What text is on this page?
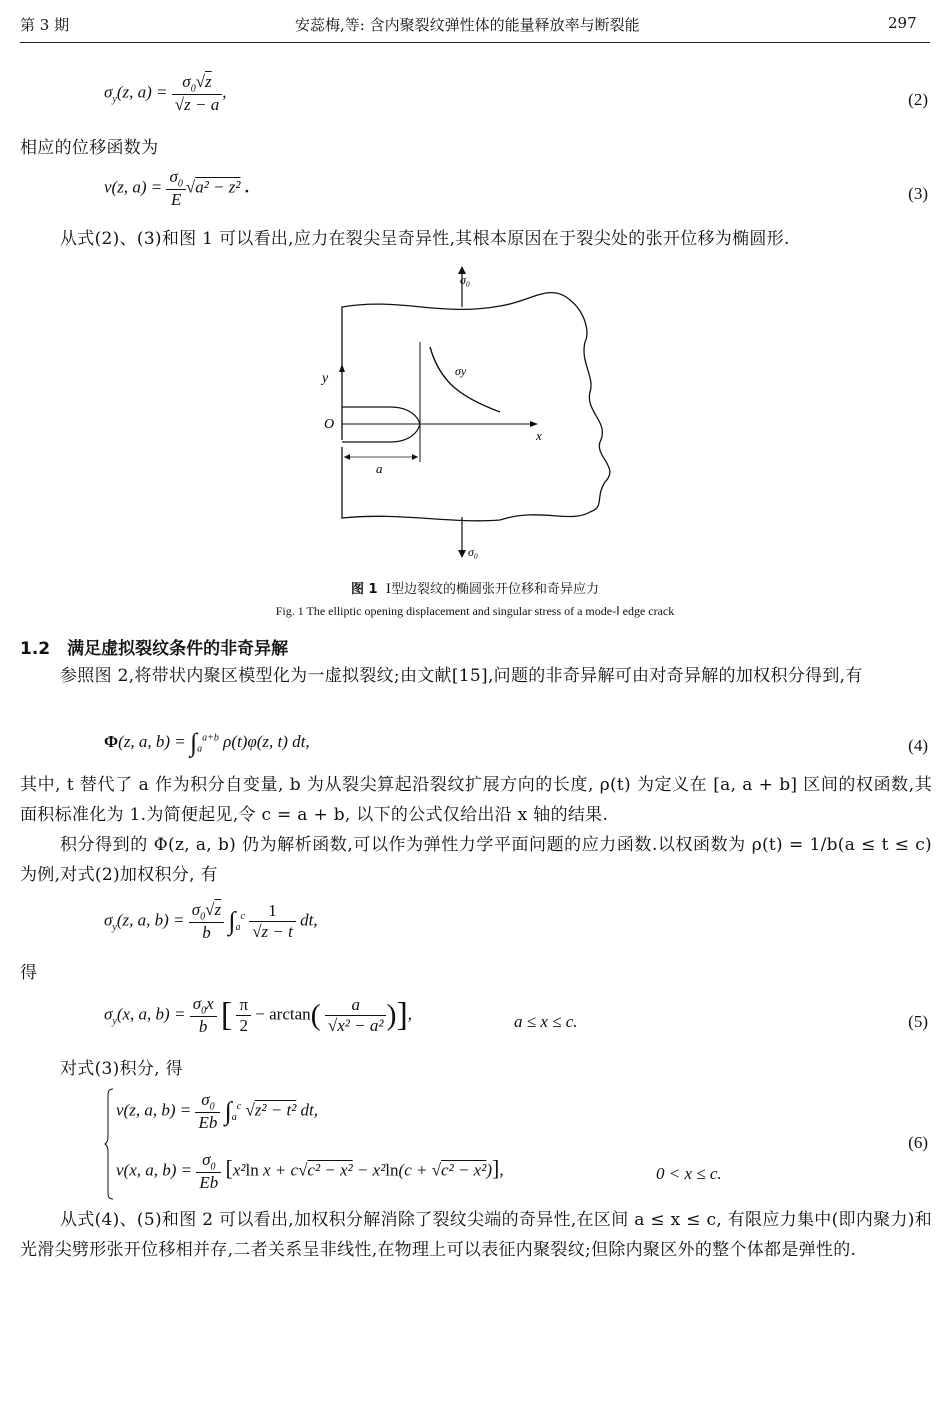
第 3 期	安蕊梅,等: 含内聚裂纹弹性体的能量释放率与断裂能	297
$\sigma_y(z$, $a) = \frac{\sigma_0√z}{√z - a}$ ,	(2)
相应的位移函数为
v(z, $a) = \frac{\sigma_0}{E} √a^2 - z^2$ .	(3)
从式(2)、(3)和图 1 可以看出,应力在裂尖呈奇异性,其根本原因在于裂尖处的张开位移为椭圆形.
σ₀
σ₀
σy
y
x
O
a
图 1 Ⅰ型边裂纹的椭圆张开位移和奇异应力
Fig. 1 The elliptic opening displacement and singular stress of a mode-Ⅰ edge crack
1.2　满足虚拟裂纹条件的非奇异解
参照图 2,将带状内聚区模型化为一虚拟裂纹;由文献[15],问题的非奇异解可由对奇异解的加权积分得到,有
Φ(z, a, $b) = \int_a^{a+b}$ ρ(t)φ(z, t) dt,	(4)
其中, t 替代了 a 作为积分自变量, b 为从裂尖算起沿裂纹扩展方向的长度, ρ(t) 为定义在 [a, a + b] 区间的权函数,其面积标准化为 1.为简便起见,令 c = a + b, 以下的公式仅给出沿 x 轴的结果.
积分得到的 Φ(z, a, b) 仍为解析函数,可以作为弹性力学平面问题的应力函数.以权函数为 ρ(t) = 1/b(a ≤ t ≤ c) 为例,对式(2)加权积分, 有
$\sigma_y(z$, a, $b) = \frac{\sigma_0√z}{b} \int_a^c \frac{1}{√z - t}$ dt,
得
$\sigma_y(x$, a, $b) = \frac{\sigma_0x}{b}$ [ $\frac{\pi}{2} - \arctan( \frac{a}{\text{√x² − a²}}$ )],	a ≤ x ≤ c.	(5)
对式(3)积分, 得
v(z, a, $b) = \frac{\sigma_0}{Eb} \int_a^c$ √z² − t² dt,
v(x, a, $b) = \frac{\sigma_0}{Eb} [x^2\ln$ x + c√c² − x² − x²ln(c + √c² − x²)],	0 < x ≤ c.
(6)
从式(4)、(5)和图 2 可以看出,加权积分解消除了裂纹尖端的奇异性,在区间 a ≤ x ≤ c, 有限应力集中(即内聚力)和光滑尖劈形张开位移相并存,二者关系呈非线性,在物理上可以表征内聚裂纹;但除内聚区外的整个体都是弹性的.
